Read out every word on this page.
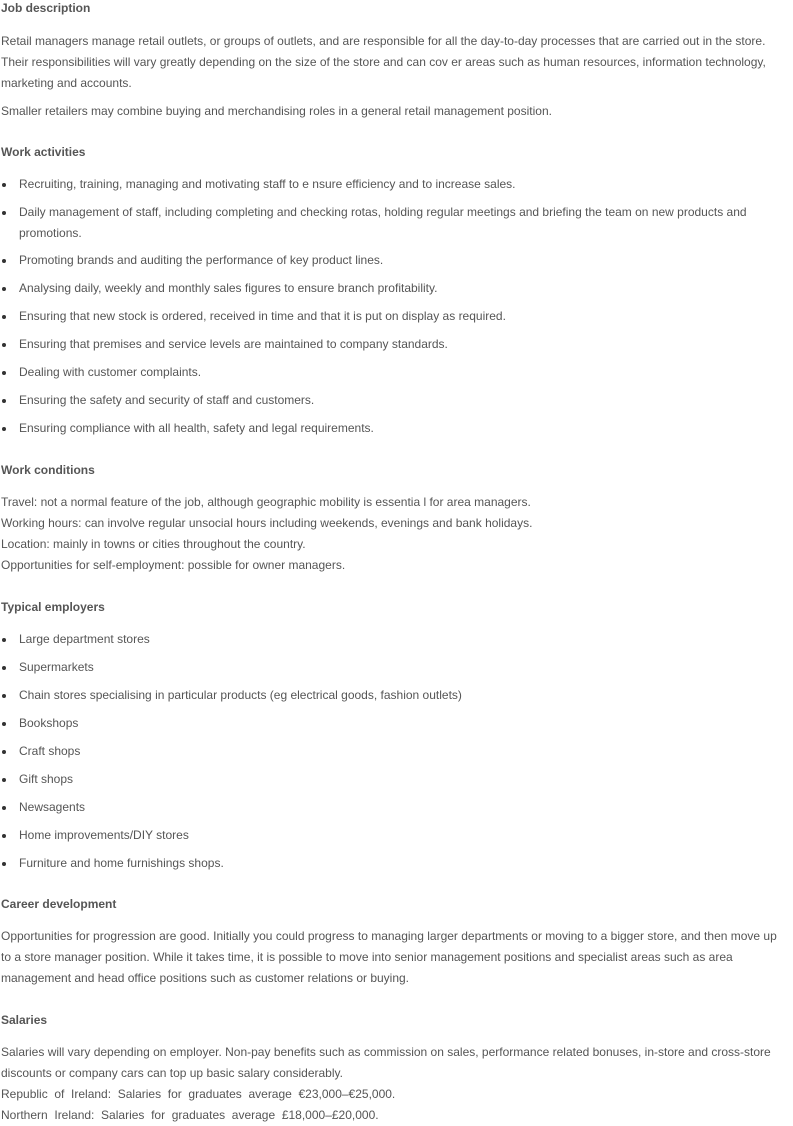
Job description

Retail managers manage retail outlets, or groups of outlets, and are responsible for all the day-to-day processes that are carried out in the store. Their responsibilities will vary greatly depending on the size of the store and can cov er areas such as human resources, information technology, marketing and accounts.

Smaller retailers may combine buying and merchandising roles in a general retail management position.

Work activities
Recruiting, training, managing and motivating staff to e nsure efficiency and to increase sales.
Daily management of staff, including completing and checking rotas, holding regular meetings and briefing the team on new products and promotions.
Promoting brands and auditing the performance of key product lines.
Analysing daily, weekly and monthly sales figures to ensure branch profitability.
Ensuring that new stock is ordered, received in time and that it is put on display as required.
Ensuring that premises and service levels are maintained to company standards.
Dealing with customer complaints.
Ensuring the safety and security of staff and customers.
Ensuring compliance with all health, safety and legal requirements.
Work conditions

Travel: not a normal feature of the job, although geographic mobility is essentia l for area managers.

Working hours: can involve regular unsocial hours including weekends, evenings and bank holidays.

Location: mainly in towns or cities throughout the country.

Opportunities for self-employment: possible for owner managers.

Typical employers
Large department stores
Supermarkets
Chain stores specialising in particular products (eg electrical goods, fashion outlets)
Bookshops
Craft shops
Gift shops
Newsagents
Home improvements/DIY stores
Furniture and home furnishings shops.
Career development

Opportunities for progression are good. Initially you could progress to managing larger departments or moving to a bigger store, and then move up to a store manager position. While it takes time, it is possible to move into senior management positions and specialist areas such as area management and head office positions such as customer relations or buying.

Salaries

Salaries will vary depending on employer. Non-pay benefits such as commission on sales, performance related bonuses, in-store and cross-store discounts or company cars can top up basic salary considerably.

Republic  of  Ireland:  Salaries  for  graduates  average  €23,000–€25,000.

Northern  Ireland:  Salaries  for  graduates  average  £18,000–£20,000.
